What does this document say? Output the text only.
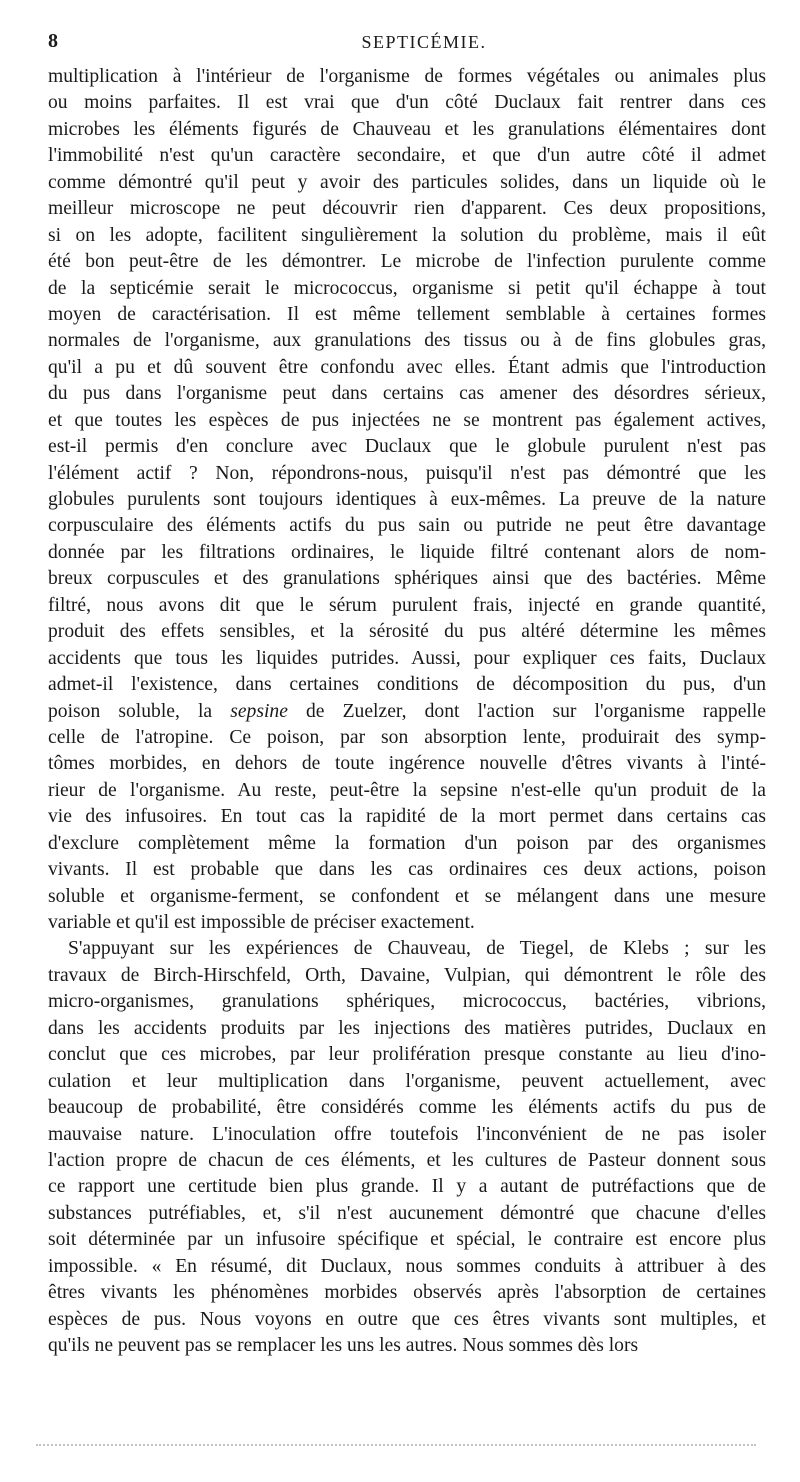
8	SEPTICÉMIE.
multiplication à l'intérieur de l'organisme de formes végétales ou animales plus
ou moins parfaites. Il est vrai que d'un côté Duclaux fait rentrer dans ces
microbes les éléments figurés de Chauveau et les granulations élémentaires dont
l'immobilité n'est qu'un caractère secondaire, et que d'un autre côté il admet
comme démontré qu'il peut y avoir des particules solides, dans un liquide où le
meilleur microscope ne peut découvrir rien d'apparent. Ces deux propositions,
si on les adopte, facilitent singulièrement la solution du problème, mais il eût
été bon peut-être de les démontrer. Le microbe de l'infection purulente comme
de la septicémie serait le micrococcus, organisme si petit qu'il échappe à tout
moyen de caractérisation. Il est même tellement semblable à certaines formes
normales de l'organisme, aux granulations des tissus ou à de fins globules gras,
qu'il a pu et dû souvent être confondu avec elles. Étant admis que l'introduction
du pus dans l'organisme peut dans certains cas amener des désordres sérieux,
et que toutes les espèces de pus injectées ne se montrent pas également actives,
est-il permis d'en conclure avec Duclaux que le globule purulent n'est pas
l'élément actif ? Non, répondrons-nous, puisqu'il n'est pas démontré que les
globules purulents sont toujours identiques à eux-mêmes. La preuve de la nature
corpusculaire des éléments actifs du pus sain ou putride ne peut être davantage
donnée par les filtrations ordinaires, le liquide filtré contenant alors de nom-
breux corpuscules et des granulations sphériques ainsi que des bactéries. Même
filtré, nous avons dit que le sérum purulent frais, injecté en grande quantité,
produit des effets sensibles, et la sérosité du pus altéré détermine les mêmes
accidents que tous les liquides putrides. Aussi, pour expliquer ces faits, Duclaux
admet-il l'existence, dans certaines conditions de décomposition du pus, d'un
poison soluble, la sepsine de Zuelzer, dont l'action sur l'organisme rappelle
celle de l'atropine. Ce poison, par son absorption lente, produirait des symp-
tômes morbides, en dehors de toute ingérence nouvelle d'êtres vivants à l'inté-
rieur de l'organisme. Au reste, peut-être la sepsine n'est-elle qu'un produit de la
vie des infusoires. En tout cas la rapidité de la mort permet dans certains cas
d'exclure complètement même la formation d'un poison par des organismes
vivants. Il est probable que dans les cas ordinaires ces deux actions, poison
soluble et organisme-ferment, se confondent et se mélangent dans une mesure
variable et qu'il est impossible de préciser exactement.
S'appuyant sur les expériences de Chauveau, de Tiegel, de Klebs ; sur les
travaux de Birch-Hirschfeld, Orth, Davaine, Vulpian, qui démontrent le rôle des
micro-organismes, granulations sphériques, micrococcus, bactéries, vibrions,
dans les accidents produits par les injections des matières putrides, Duclaux en
conclut que ces microbes, par leur prolifération presque constante au lieu d'ino-
culation et leur multiplication dans l'organisme, peuvent actuellement, avec
beaucoup de probabilité, être considérés comme les éléments actifs du pus de
mauvaise nature. L'inoculation offre toutefois l'inconvénient de ne pas isoler
l'action propre de chacun de ces éléments, et les cultures de Pasteur donnent sous
ce rapport une certitude bien plus grande. Il y a autant de putréfactions que de
substances putréfiables, et, s'il n'est aucunement démontré que chacune d'elles
soit déterminée par un infusoire spécifique et spécial, le contraire est encore plus
impossible. « En résumé, dit Duclaux, nous sommes conduits à attribuer à des
êtres vivants les phénomènes morbides observés après l'absorption de certaines
espèces de pus. Nous voyons en outre que ces êtres vivants sont multiples, et
qu'ils ne peuvent pas se remplacer les uns les autres. Nous sommes dès lors
